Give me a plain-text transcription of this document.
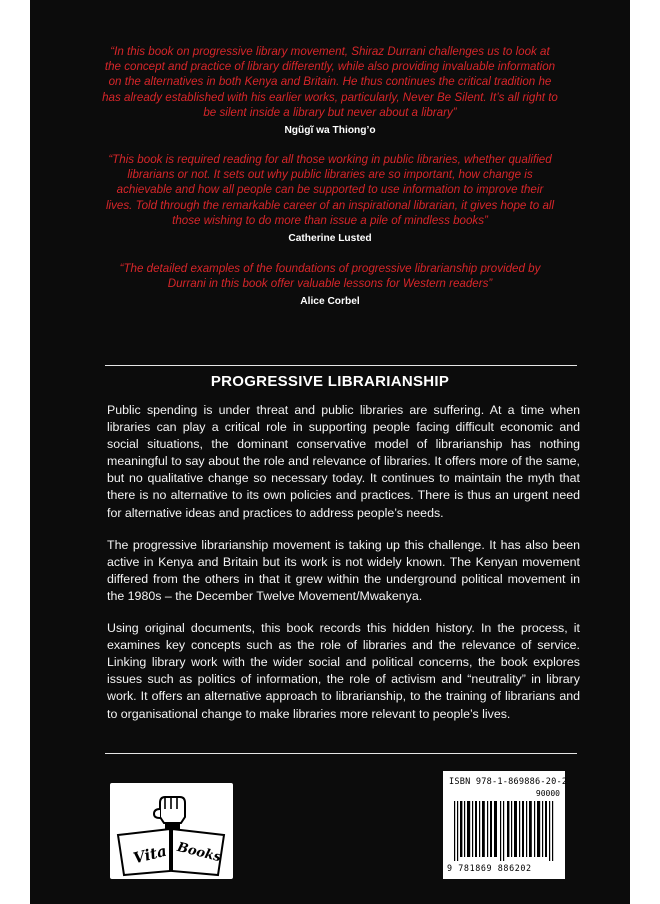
“In this book on progressive library movement, Shiraz Durrani challenges us to look at the concept and practice of library differently, while also providing invaluable information on the alternatives in both Kenya and Britain. He thus continues the critical tradition he has already established with his earlier works, particularly, Never Be Silent. It’s all right to be silent inside a library but never about a library”

Ngũgĩ wa Thiong’o

“This book is required reading for all those working in public libraries, whether qualified librarians or not. It sets out why public libraries are so important, how change is achievable and how all people can be supported to use information to improve their lives. Told through the remarkable career of an inspirational librarian, it gives hope to all those wishing to do more than issue a pile of mindless books”

Catherine Lusted

“The detailed examples of the foundations of progressive librarianship provided by Durrani in this book offer valuable lessons for Western readers”

Alice Corbel

PROGRESSIVE LIBRARIANSHIP

Public spending is under threat and public libraries are suffering. At a time when libraries can play a critical role in supporting people facing difficult economic and social situations, the dominant conservative model of librarianship has nothing meaningful to say about the role and relevance of libraries. It offers more of the same, but no qualitative change so necessary today. It continues to maintain the myth that there is no alternative to its own policies and practices. There is thus an urgent need for alternative ideas and practices to address people’s needs.

The progressive librarianship movement is taking up this challenge. It has also been active in Kenya and Britain but its work is not widely known. The Kenyan movement differed from the others in that it grew within the underground political movement in the 1980s – the December Twelve Movement/Mwakenya.

Using original documents, this book records this hidden history. In the process, it examines key concepts such as the role of libraries and the relevance of service. Linking library work with the wider social and political concerns, the book explores issues such as politics of information, the role of activism and “neutrality” in library work. It offers an alternative approach to librarianship, to the training of librarians and to organisational change to make libraries more relevant to people’s lives.

Vita Books
ISBN 978-1-869886-20-2
90000
9 781869 886202
